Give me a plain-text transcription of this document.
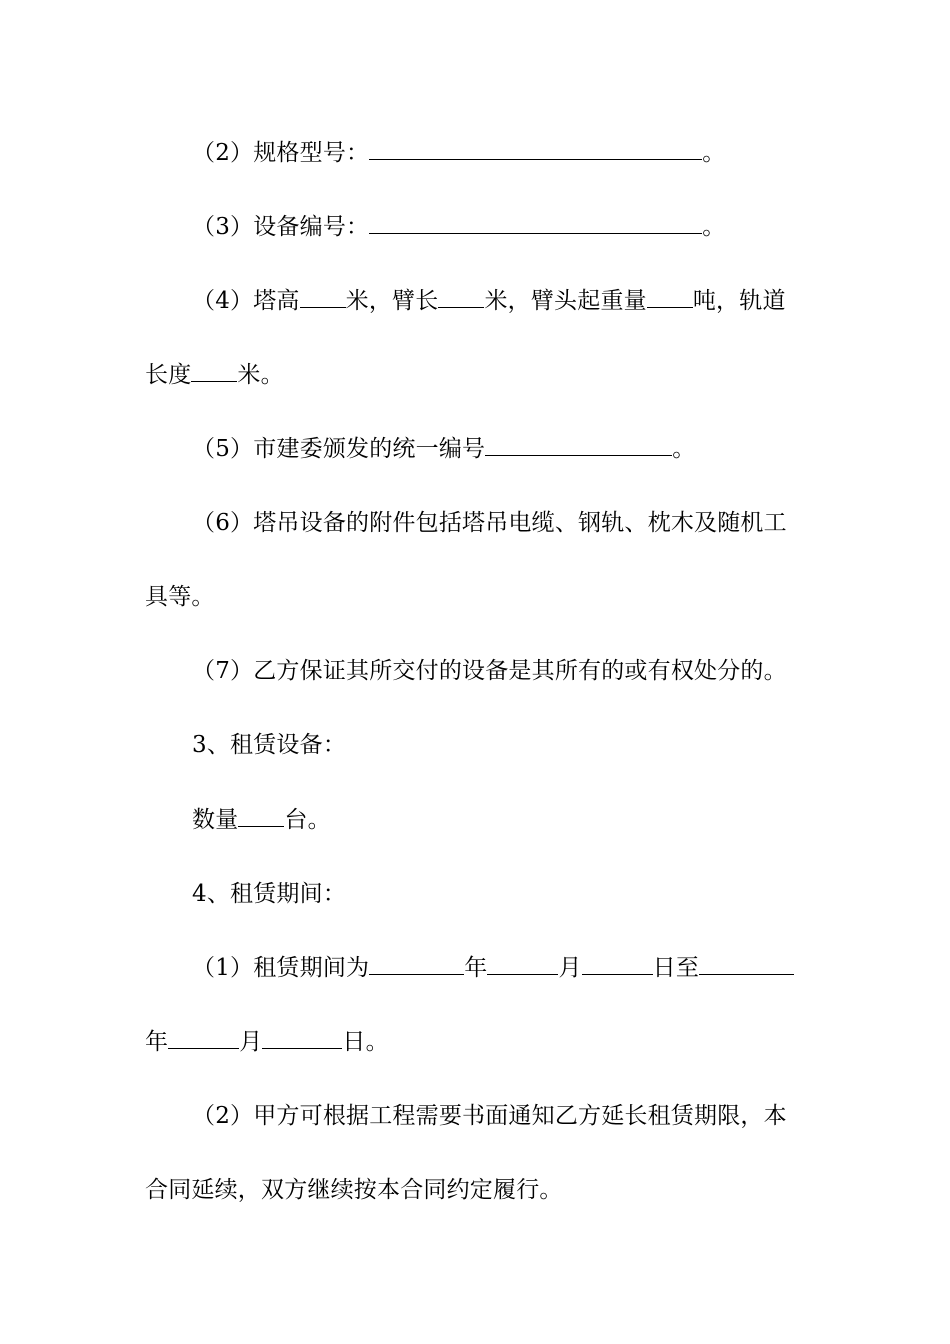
（2）规格型号：	。
（3）设备编号：	。
（4）塔高 米，臂长 米，臂头起重量 吨，轨道
长度 米。
（5）市建委颁发的统一编号	。
（6）塔吊设备的附件包括塔吊电缆、钢轨、枕木及随机工
具等。
（7）乙方保证其所交付的设备是其所有的或有权处分的。
3、租赁设备：
数量 台。
4、租赁期间：
（1）租赁期间为	年	月	日至
年	月	日。
（2）甲方可根据工程需要书面通知乙方延长租赁期限，本
合同延续，双方继续按本合同约定履行。
